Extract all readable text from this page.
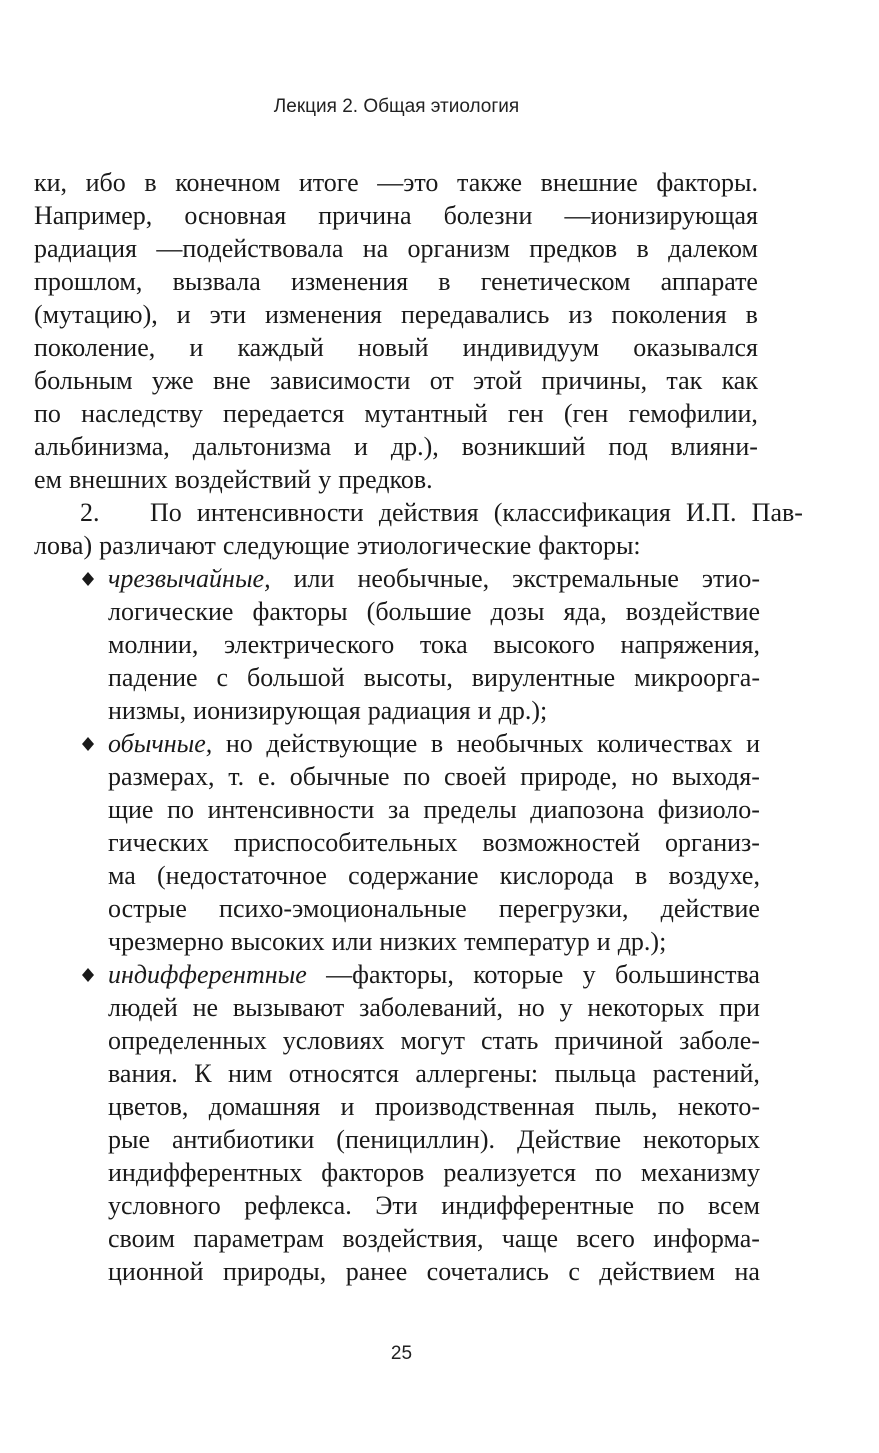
Лекция 2. Общая этиология
ки, ибо в конечном итоге —это также внешние факторы.
Например, основная причина болезни —ионизирующая
радиация —подействовала на организм предков в далеком
прошлом, вызвала изменения в генетическом аппарате
(мутацию), и эти изменения передавались из поколения в
поколение, и каждый новый индивидуум оказывался
больным уже вне зависимости от этой причины, так как
по наследству передается мутантный ген (ген гемофилии,
альбинизма, дальтонизма и др.), возникший под влияни-
ем внешних воздействий у предков.
2. По интенсивности действия (классификация И.П. Пав-
лова) различают следующие этиологические факторы:
чрезвычайные, или необычные, экстремальные этио-
логические факторы (большие дозы яда, воздействие
молнии, электрического тока высокого напряжения,
падение с большой высоты, вирулентные микроорга-
низмы, ионизирующая радиация и др.);
обычные, но действующие в необычных количествах и
размерах, т. е. обычные по своей природе, но выходя-
щие по интенсивности за пределы диапозона физиоло-
гических приспособительных возможностей организ-
ма (недостаточное содержание кислорода в воздухе,
острые психо-эмоциональные перегрузки, действие
чрезмерно высоких или низких температур и др.);
индифферентные —факторы, которые у большинства
людей не вызывают заболеваний, но у некоторых при
определенных условиях могут стать причиной заболе-
вания. К ним относятся аллергены: пыльца растений,
цветов, домашняя и производственная пыль, некото-
рые антибиотики (пенициллин). Действие некоторых
индифферентных факторов реализуется по механизму
условного рефлекса. Эти индифферентные по всем
своим параметрам воздействия, чаще всего информа-
ционной природы, ранее сочетались с действием на
25
